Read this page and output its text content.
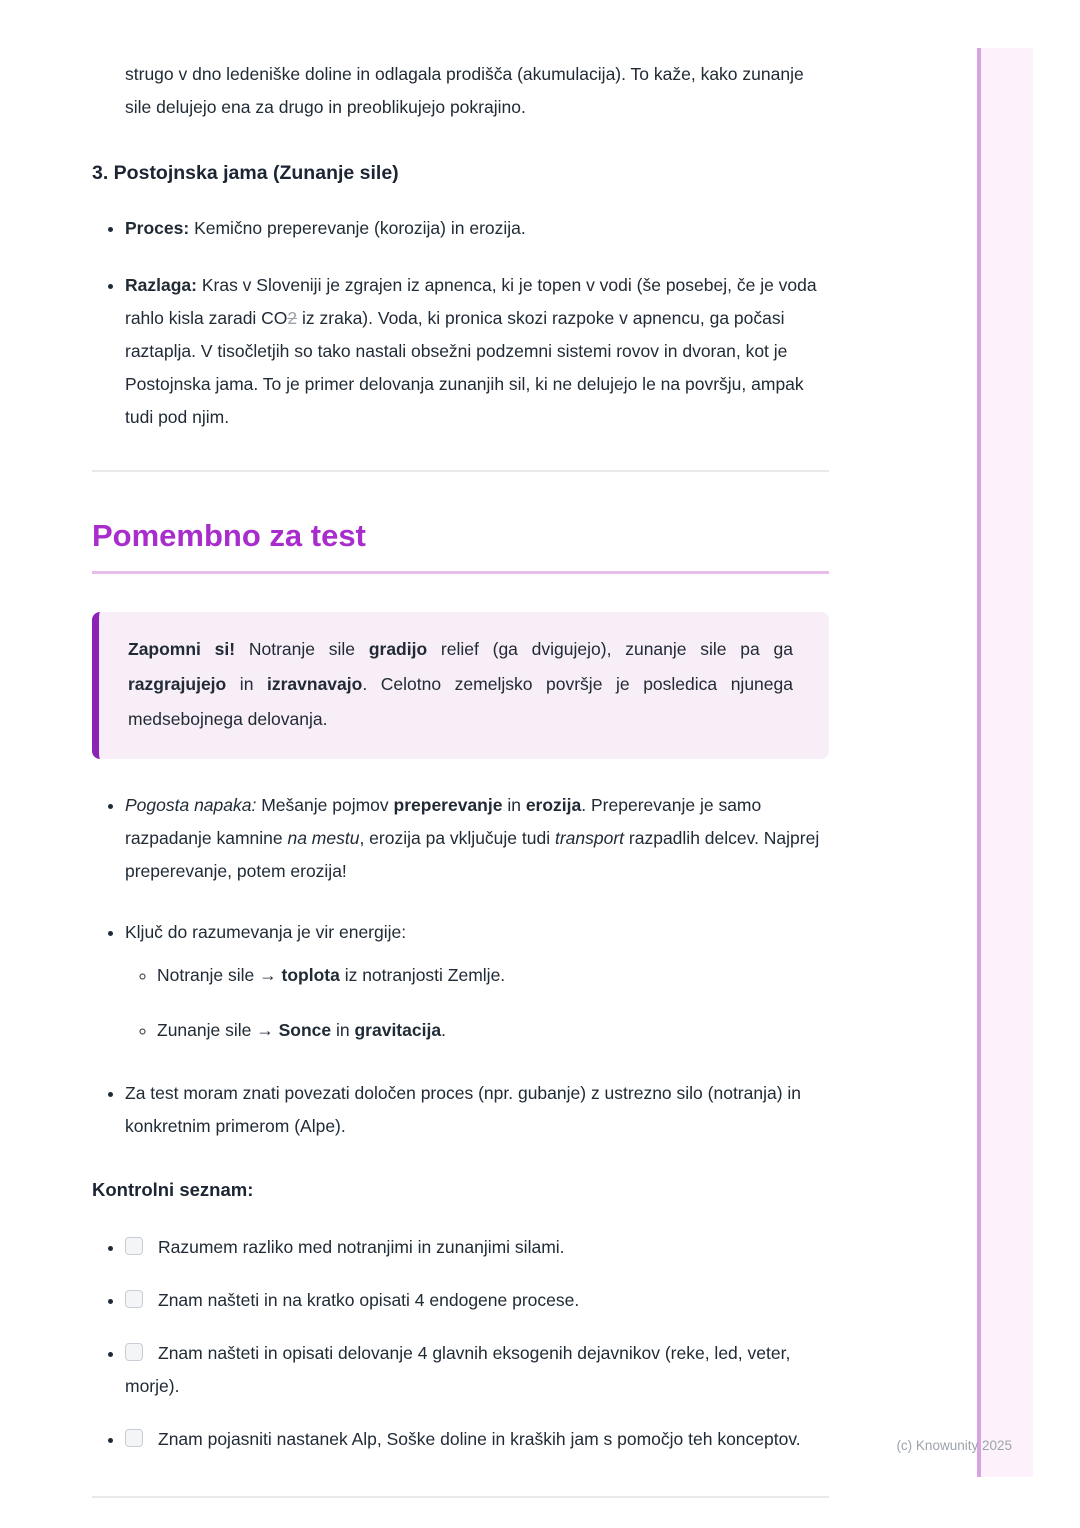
strugo v dno ledeniške doline in odlagala prodišča (akumulacija). To kaže, kako zunanje sile delujejo ena za drugo in preoblikujejo pokrajino.

3. Postojnska jama (Zunanje sile)
• Proces: Kemično preperevanje (korozija) in erozija.
• Razlaga: Kras v Sloveniji je zgrajen iz apnenca, ki je topen v vodi (še posebej, če je voda rahlo kisla zaradi CO2 iz zraka). Voda, ki pronica skozi razpoke v apnencu, ga počasi raztaplja. V tisočletjih so tako nastali obsežni podzemni sistemi rovov in dvoran, kot je Postojnska jama. To je primer delovanja zunanjih sil, ki ne delujejo le na površju, ampak tudi pod njim.
Pomembno za test
Zapomni si! Notranje sile gradijo relief (ga dvigujejo), zunanje sile pa ga razgrajujejo in izravnavajo. Celotno zemeljsko površje je posledica njunega medsebojnega delovanja.
• Pogosta napaka: Mešanje pojmov preperevanje in erozija. Preperevanje je samo razpadanje kamnine na mestu, erozija pa vključuje tudi transport razpadlih delcev. Najprej preperevanje, potem erozija!
• Ključ do razumevanja je vir energije:
◦ Notranje sile → toplota iz notranjosti Zemlje.
◦ Zunanje sile → Sonce in gravitacija.
• Za test moram znati povezati določen proces (npr. gubanje) z ustrezno silo (notranja) in konkretnim primerom (Alpe).
Kontrolni seznam:
• Razumem razliko med notranjimi in zunanjimi silami.
• Znam našteti in na kratko opisati 4 endogene procese.
• Znam našteti in opisati delovanje 4 glavnih eksogenih dejavnikov (reke, led, veter, morje).
• Znam pojasniti nastanek Alp, Soške doline in kraških jam s pomočjo teh konceptov.	(c) Knowunity 2025
